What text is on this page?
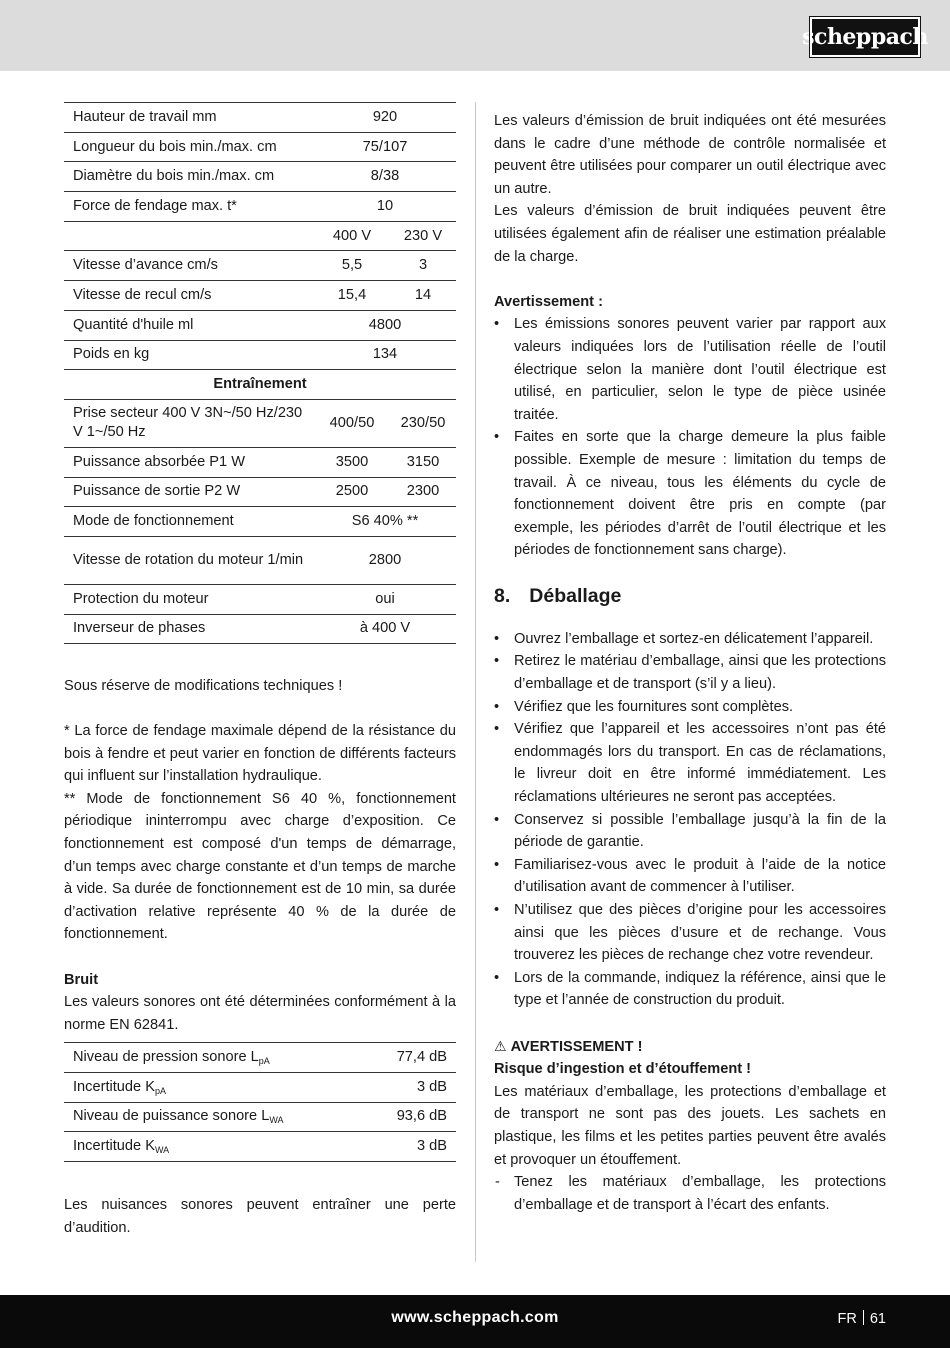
scheppach
Hauteur de travail mm	920	
Longueur du bois min./max. cm	75/107	
Diamètre du bois min./max. cm	8/38	
Force de fendage max. t*	10	
	400 V	230 V
Vitesse d’avance cm/s	5,5	3
Vitesse de recul cm/s	15,4	14
Quantité d'huile ml	4800	
Poids en kg	134	
Entraînement		
Prise secteur 400 V 3N~/50 Hz/230 V 1~/50 Hz	400/50	230/50
Puissance absorbée P1 W	3500	3150
Puissance de sortie P2 W	2500	2300
Mode de fonctionnement	S6 40% **	
Vitesse de rotation du moteur 1/min	2800	
Protection du moteur	oui	
Inverseur de phases	à 400 V	

Sous réserve de modifications techniques !

* La force de fendage maximale dépend de la résistance du bois à fendre et peut varier en fonction de différents facteurs qui influent sur l’installation hydraulique.

** Mode de fonctionnement S6 40 %, fonctionnement périodique ininterrompu avec charge d’exposition. Ce fonctionnement est composé d'un temps de démarrage, d’un temps avec charge constante et d’un temps de marche à vide. Sa durée de fonctionnement est de 10 min, sa durée d’activation relative représente 40 % de la durée de fonctionnement.

Bruit

Les valeurs sonores ont été déterminées conformément à la norme EN 62841.

Niveau de pression sonore $L_{pA}$	77,4 dB
Incertitude $K_{pA}$	3 dB
Niveau de puissance sonore $L_{WA}$	93,6 dB
Incertitude $K_{WA}$	3 dB

Les nuisances sonores peuvent entraîner une perte d’audition.

Les valeurs d’émission de bruit indiquées ont été mesurées dans le cadre d’une méthode de contrôle normalisée et peuvent être utilisées pour comparer un outil électrique avec un autre.

Les valeurs d’émission de bruit indiquées peuvent être utilisées également afin de réaliser une estimation préalable de la charge.

Avertissement :

• Les émissions sonores peuvent varier par rapport aux valeurs indiquées lors de l’utilisation réelle de l’outil électrique selon la manière dont l’outil électrique est utilisé, en particulier, selon le type de pièce usinée traitée.
• Faites en sorte que la charge demeure la plus faible possible. Exemple de mesure : limitation du temps de travail. À ce niveau, tous les éléments du cycle de fonctionnement doivent être pris en compte (par exemple, les périodes d’arrêt de l’outil électrique et les périodes de fonctionnement sans charge).
8. Déballage
• Ouvrez l’emballage et sortez-en délicatement l’appareil.
• Retirez le matériau d’emballage, ainsi que les protections d’emballage et de transport (s’il y a lieu).
• Vérifiez que les fournitures sont complètes.
• Vérifiez que l’appareil et les accessoires n’ont pas été endommagés lors du transport. En cas de réclamations, le livreur doit en être informé immédiatement. Les réclamations ultérieures ne seront pas acceptées.
• Conservez si possible l’emballage jusqu’à la fin de la période de garantie.
• Familiarisez-vous avec le produit à l’aide de la notice d’utilisation avant de commencer à l’utiliser.
• N’utilisez que des pièces d’origine pour les accessoires ainsi que les pièces d’usure et de rechange. Vous trouverez les pièces de rechange chez votre revendeur.
• Lors de la commande, indiquez la référence, ainsi que le type et l’année de construction du produit.

⚠ AVERTISSEMENT !

Risque d’ingestion et d’étouffement !

Les matériaux d’emballage, les protections d’emballage et de transport ne sont pas des jouets. Les sachets en plastique, les films et les petites parties peuvent être avalés et provoquer un étouffement.

- Tenez les matériaux d’emballage, les protections d’emballage et de transport à l’écart des enfants.
www.scheppach.com	FR 61
